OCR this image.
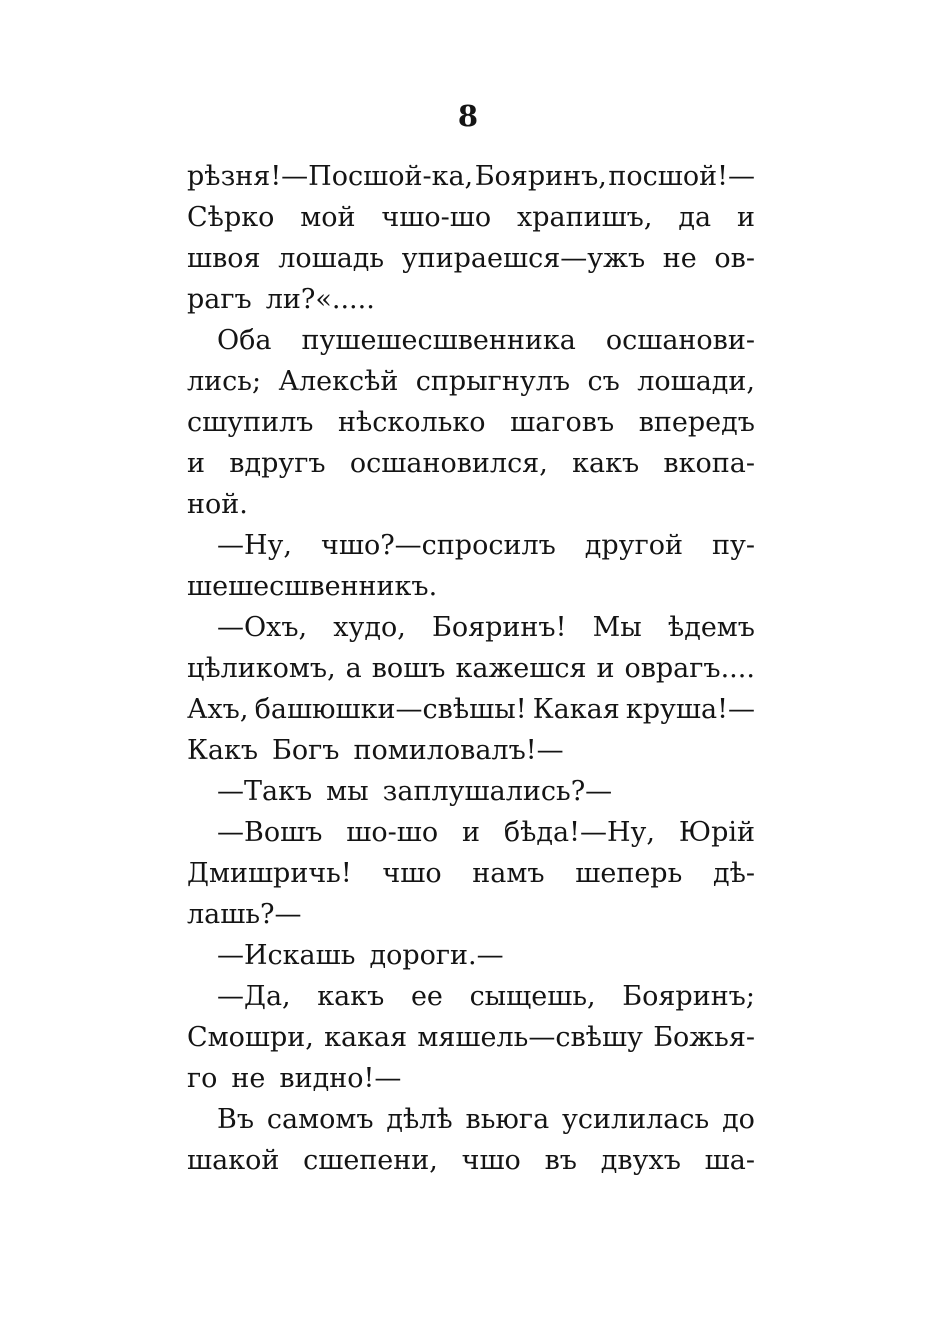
8
рѣзня!—Посшой-ка, Бояринъ, посшой!—
Сѣрко мой чшо-шо храпишъ, да и
швоя лошадь упираешся—ужъ не ов-
рагъ ли?«.....
Оба пушешесшвенника осшанови-
лись; Алексѣй спрыгнулъ съ лошади,
сшупилъ нѣсколько шаговъ впередъ
и вдругъ осшановился, какъ вкопа-
ной.
—Ну, чшо?—спросилъ другой пу-
шешесшвенникъ.
—Охъ, худо, Бояринъ! Мы ѣдемъ
цѣликомъ, а вошъ кажешся и оврагъ....
Ахъ, башюшки—свѣшы! Какая круша!—
Какъ Богъ помиловалъ!—
—Такъ мы заплушались?—
—Вошъ шо-шо и бѣда!—Ну, Юрій
Дмишричь! чшо намъ шеперь дѣ-
лашь?—
—Искашь дороги.—
—Да, какъ ее сыщешь, Бояринъ;
Смошри, какая мяшель—свѣшу Божья-
го не видно!—
Въ самомъ дѣлѣ вьюга усилилась до
шакой сшепени, чшо въ двухъ ша-
